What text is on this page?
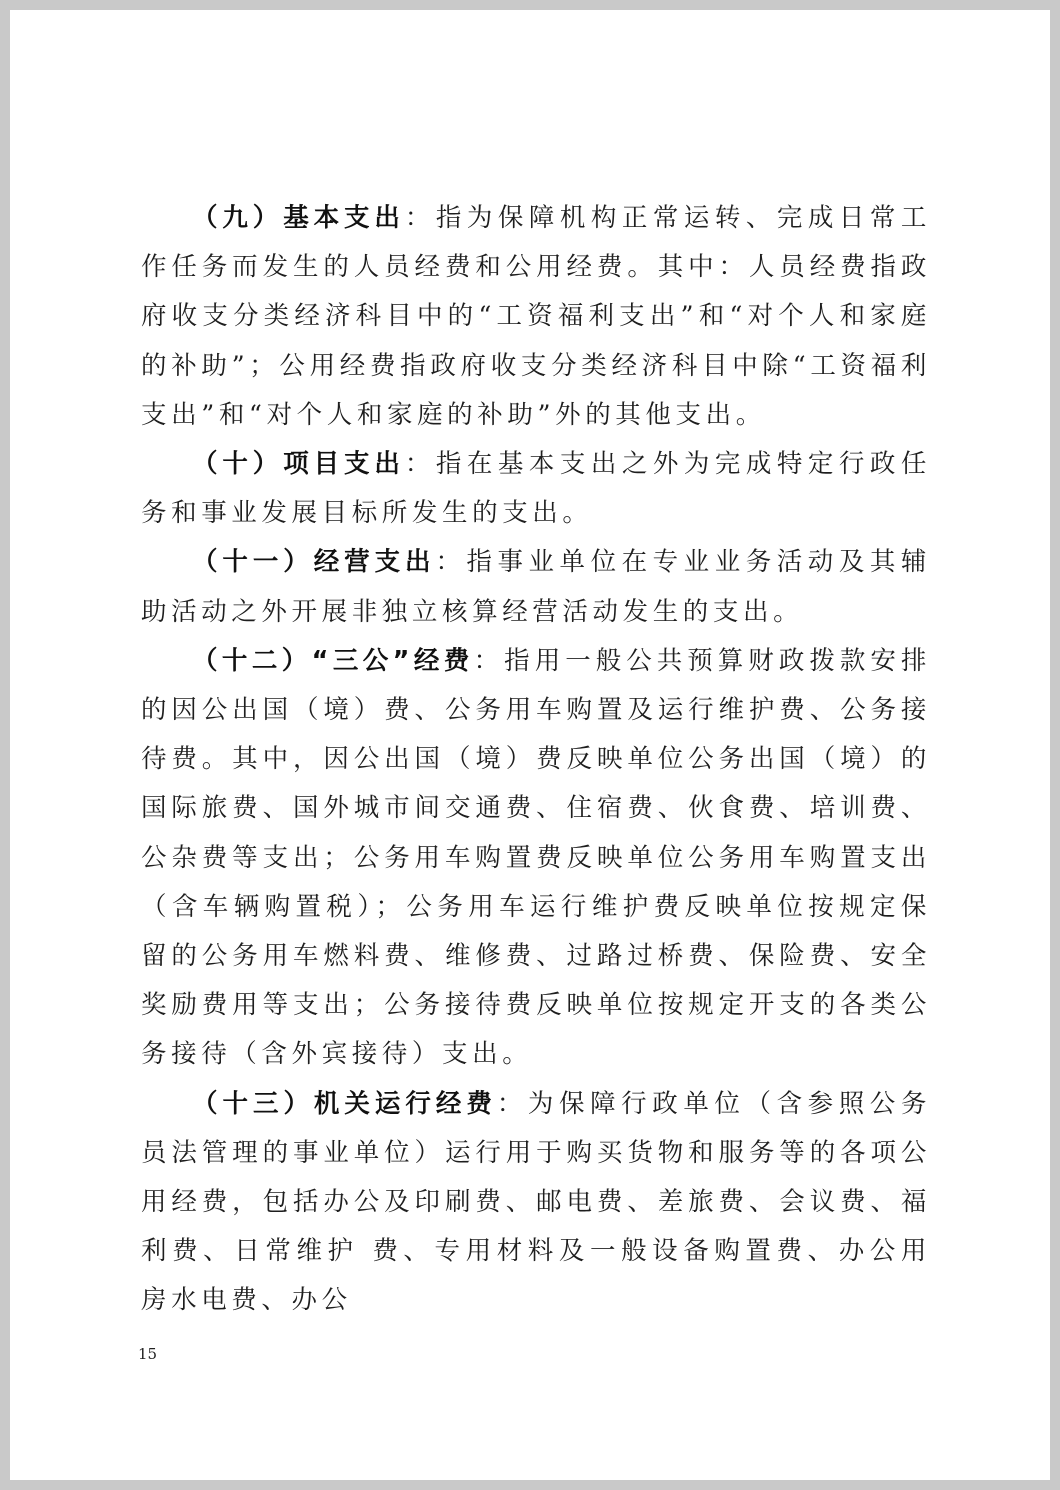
（九）基本支出：指为保障机构正常运转、完成日常工作任务而发生的人员经费和公用经费。其中：人员经费指政府收支分类经济科目中的“工资福利支出”和“对个人和家庭的补助”；公用经费指政府收支分类经济科目中除“工资福利支出”和“对个人和家庭的补助”外的其他支出。

（十）项目支出：指在基本支出之外为完成特定行政任务和事业发展目标所发生的支出。

（十一）经营支出：指事业单位在专业业务活动及其辅助活动之外开展非独立核算经营活动发生的支出。

（十二）“三公”经费：指用一般公共预算财政拨款安排的因公出国（境）费、公务用车购置及运行维护费、公务接待费。其中，因公出国（境）费反映单位公务出国（境）的国际旅费、国外城市间交通费、住宿费、伙食费、培训费、公杂费等支出；公务用车购置费反映单位公务用车购置支出（含车辆购置税）；公务用车运行维护费反映单位按规定保留的公务用车燃料费、维修费、过路过桥费、保险费、安全奖励费用等支出；公务接待费反映单位按规定开支的各类公务接待（含外宾接待）支出。

（十三）机关运行经费：为保障行政单位（含参照公务员法管理的事业单位）运行用于购买货物和服务等的各项公用经费，包括办公及印刷费、邮电费、差旅费、会议费、福利费、日常维护 费、专用材料及一般设备购置费、办公用房水电费、办公

15
